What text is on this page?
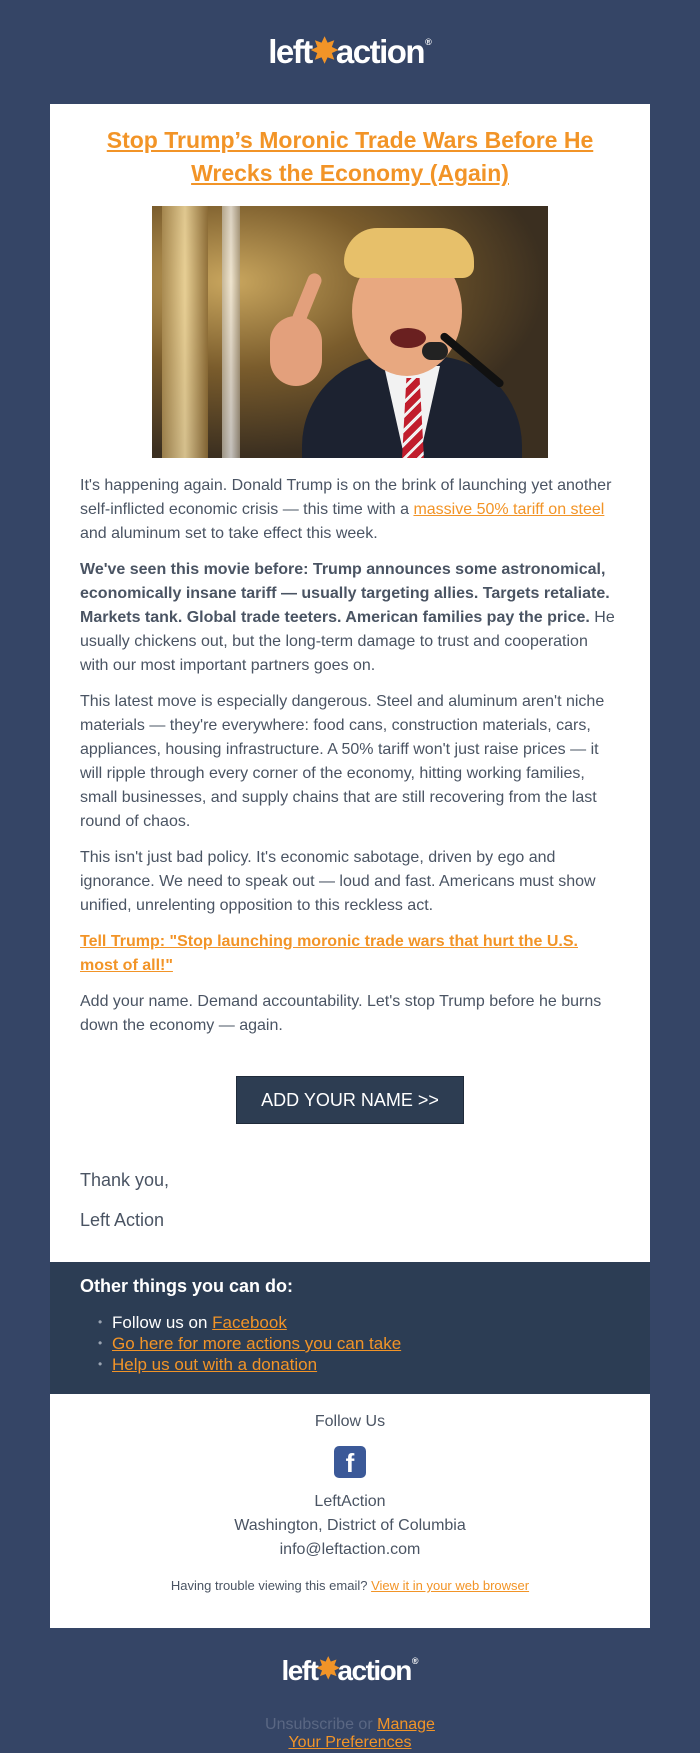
left ✸ action ®
Stop Trump’s Moronic Trade Wars Before He Wrecks the Economy (Again)

It's happening again. Donald Trump is on the brink of launching yet another self-inflicted economic crisis — this time with a massive 50% tariff on steel and aluminum set to take effect this week.

We've seen this movie before: Trump announces some astronomical, economically insane tariff — usually targeting allies. Targets retaliate. Markets tank. Global trade teeters. American families pay the price. He usually chickens out, but the long-term damage to trust and cooperation with our most important partners goes on.

This latest move is especially dangerous. Steel and aluminum aren't niche materials — they're everywhere: food cans, construction materials, cars, appliances, housing infrastructure. A 50% tariff won't just raise prices — it will ripple through every corner of the economy, hitting working families, small businesses, and supply chains that are still recovering from the last round of chaos.

This isn't just bad policy. It's economic sabotage, driven by ego and ignorance. We need to speak out — loud and fast. Americans must show unified, unrelenting opposition to this reckless act.

Tell Trump: "Stop launching moronic trade wars that hurt the U.S. most of all!"

Add your name. Demand accountability. Let's stop Trump before he burns down the economy — again.

ADD YOUR NAME >>

Thank you,

Left Action

Other things you can do:
• Follow us on Facebook
• Go here for more actions you can take
• Help us out with a donation
Follow Us
f
LeftAction
Washington, District of Columbia
info@leftaction.com
Having trouble viewing this email? View it in your web browser
left ✸ action ®
Unsubscribe or Manage
Your Preferences
